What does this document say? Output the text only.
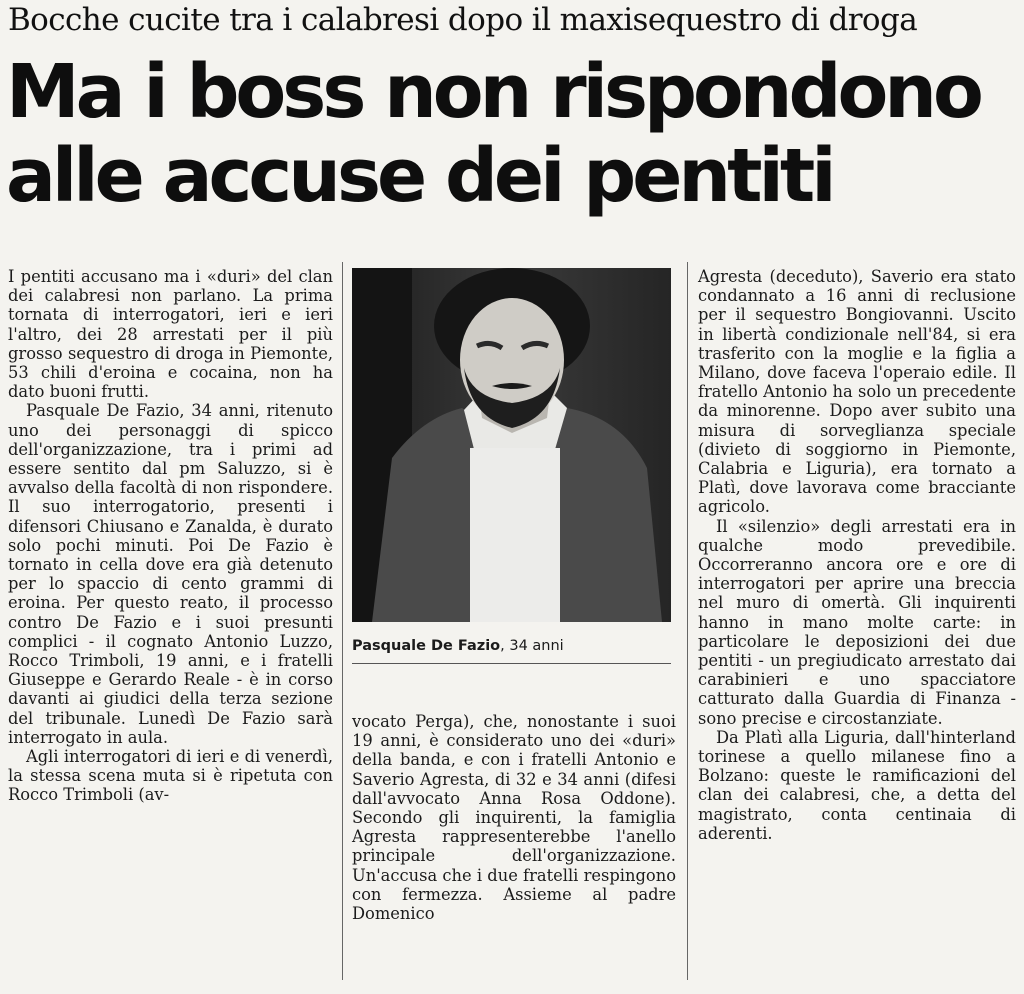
Bocche cucite tra i calabresi dopo il maxisequestro di droga
Ma i boss non rispondono
alle accuse dei pentiti

I pentiti accusano ma i «duri» del clan dei calabresi non parlano. La prima tornata di interrogatori, ieri e ieri l'altro, dei 28 arrestati per il più grosso sequestro di droga in Piemonte, 53 chili d'eroina e cocaina, non ha dato buoni frutti.

Pasquale De Fazio, 34 anni, ritenuto uno dei personaggi di spicco dell'organizzazione, tra i primi ad essere sentito dal pm Saluzzo, si è avvalso della facoltà di non rispondere. Il suo interrogatorio, presenti i difensori Chiusano e Zanalda, è durato solo pochi minuti. Poi De Fazio è tornato in cella dove era già detenuto per lo spaccio di cento grammi di eroina. Per questo reato, il processo contro De Fazio e i suoi presunti complici - il cognato Antonio Luzzo, Rocco Trimboli, 19 anni, e i fratelli Giuseppe e Gerardo Reale - è in corso davanti ai giudici della terza sezione del tribunale. Lunedì De Fazio sarà interrogato in aula.

Agli interrogatori di ieri e di venerdì, la stessa scena muta si è ripetuta con Rocco Trimboli (av-

Pasquale De Fazio, 34 anni

vocato Perga), che, nonostante i suoi 19 anni, è considerato uno dei «duri» della banda, e con i fratelli Antonio e Saverio Agresta, di 32 e 34 anni (difesi dall'avvocato Anna Rosa Oddone). Secondo gli inquirenti, la famiglia Agresta rappresenterebbe l'anello principale dell'organizzazione. Un'accusa che i due fratelli respingono con fermezza. Assieme al padre Domenico

Agresta (deceduto), Saverio era stato condannato a 16 anni di reclusione per il sequestro Bongiovanni. Uscito in libertà condizionale nell'84, si era trasferito con la moglie e la figlia a Milano, dove faceva l'operaio edile. Il fratello Antonio ha solo un precedente da minorenne. Dopo aver subito una misura di sorveglianza speciale (divieto di soggiorno in Piemonte, Calabria e Liguria), era tornato a Platì, dove lavorava come bracciante agricolo.

Il «silenzio» degli arrestati era in qualche modo prevedibile. Occorreranno ancora ore e ore di interrogatori per aprire una breccia nel muro di omertà. Gli inquirenti hanno in mano molte carte: in particolare le deposizioni dei due pentiti - un pregiudicato arrestato dai carabinieri e uno spacciatore catturato dalla Guardia di Finanza - sono precise e circostanziate.

Da Platì alla Liguria, dall'hinterland torinese a quello milanese fino a Bolzano: queste le ramificazioni del clan dei calabresi, che, a detta del magistrato, conta centinaia di aderenti.
